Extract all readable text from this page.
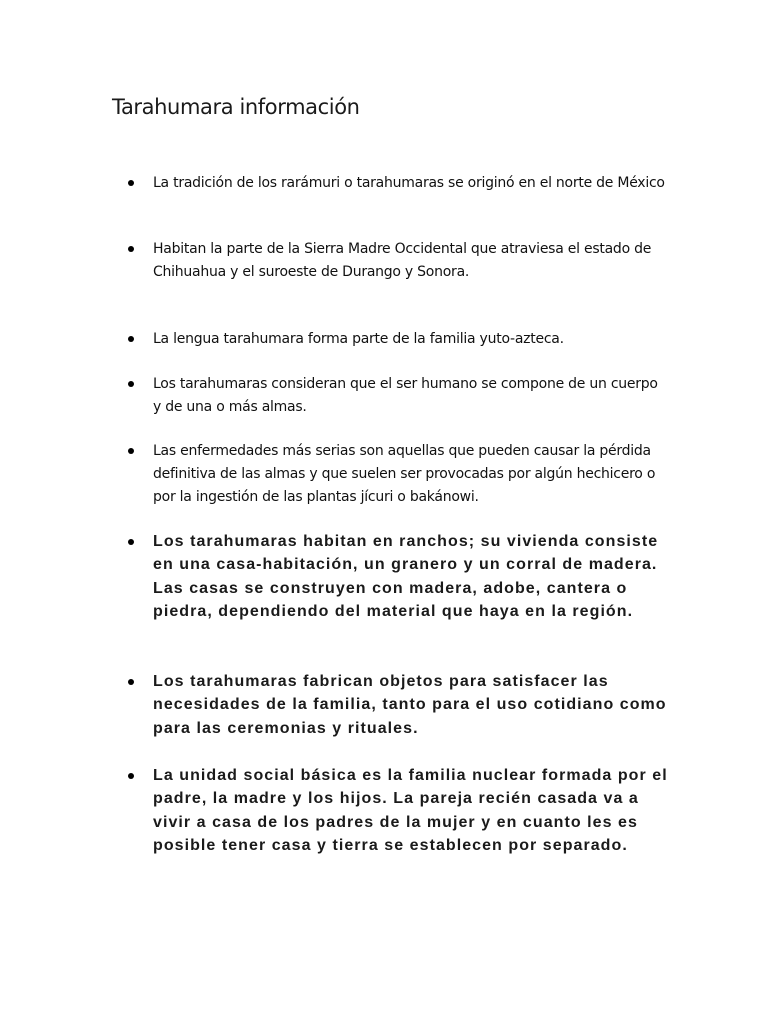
Tarahumara información
La tradición de los rarámuri o tarahumaras se originó en el norte de México
Habitan la parte de la Sierra Madre Occidental que atraviesa el estado de Chihuahua y el suroeste de Durango y Sonora.
La lengua tarahumara forma parte de la familia yuto-azteca.
Los tarahumaras consideran que el ser humano se compone de un cuerpo y de una o más almas.
Las enfermedades más serias son aquellas que pueden causar la pérdida definitiva de las almas y que suelen ser provocadas por algún hechicero o por la ingestión de las plantas jícuri o bakánowi.
Los tarahumaras habitan en ranchos; su vivienda consiste en una casa-habitación, un granero y un corral de madera. Las casas se construyen con madera, adobe, cantera o piedra, dependiendo del material que haya en la región.
Los tarahumaras fabrican objetos para satisfacer las necesidades de la familia, tanto para el uso cotidiano como para las ceremonias y rituales.
La unidad social básica es la familia nuclear formada por el padre, la madre y los hijos. La pareja recién casada va a vivir a casa de los padres de la mujer y en cuanto les es posible tener casa y tierra se establecen por separado.
